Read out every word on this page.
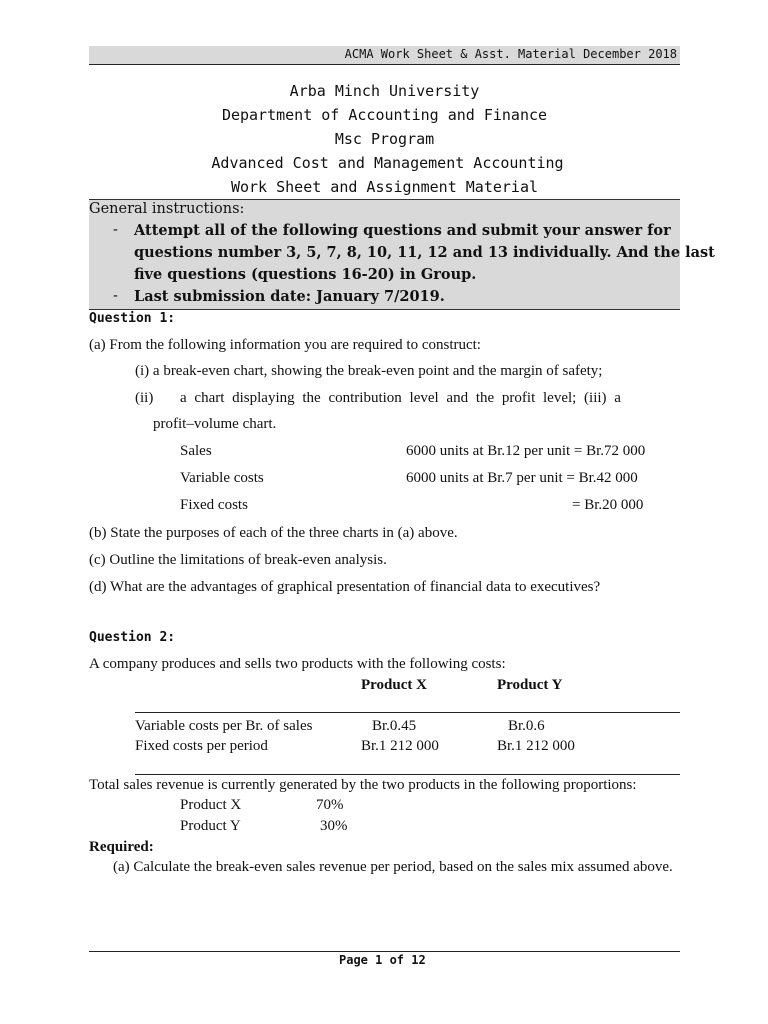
ACMA Work Sheet & Asst. Material December 2018
Arba Minch University
Department of Accounting and Finance
Msc Program
Advanced Cost and Management Accounting
Work Sheet and Assignment Material
General instructions:
- Attempt all of the following questions and submit your answer for
questions number 3, 5, 7, 8, 10, 11, 12 and 13 individually. And the last
five questions (questions 16-20) in Group.
- Last submission date: January 7/2019.
Question 1:
(a) From the following information you are required to construct:
(i) a break-even chart, showing the break-even point and the margin of safety;
(ii) a chart displaying the contribution level and the profit level; (iii) a
profit–volume chart.
Sales	6000 units at Br.12 per unit = Br.72 000
Variable costs	6000 units at Br.7 per unit = Br.42 000
Fixed costs	= Br.20 000
(b) State the purposes of each of the three charts in (a) above.
(c) Outline the limitations of break-even analysis.
(d) What are the advantages of graphical presentation of financial data to executives?
Question 2:
A company produces and sells two products with the following costs:
Product X	Product Y
Variable costs per Br. of sales	Br.0.45	Br.0.6
Fixed costs per period	Br.1 212 000	Br.1 212 000
Total sales revenue is currently generated by the two products in the following proportions:
Product X	70%
Product Y	30%
Required:
(a) Calculate the break-even sales revenue per period, based on the sales mix assumed above.
Page 1 of 12
